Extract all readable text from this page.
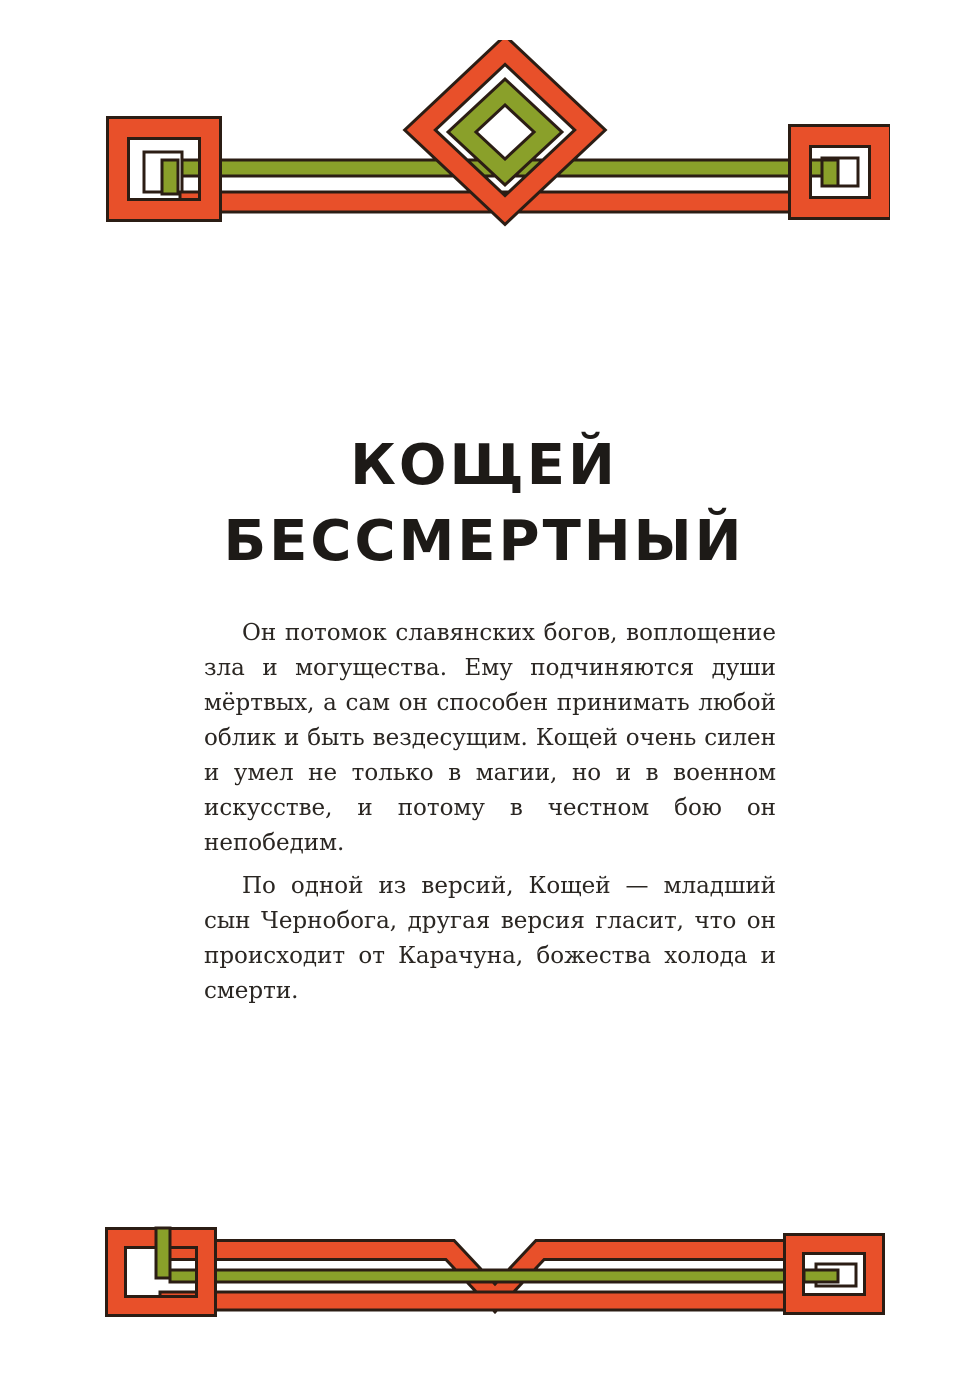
КОЩЕЙ
БЕССМЕРТНЫЙ

Он потомок славянских богов, воплощение зла и могущества. Ему подчиняются души мёртвых, а сам он способен принимать любой облик и быть вездесущим. Кощей очень силен и умел не только в магии, но и в военном искусстве, и потому в честном бою он непобедим.

По одной из версий, Кощей — младший сын Чернобога, другая версия гласит, что он происходит от Карачуна, божества холода и смерти.
